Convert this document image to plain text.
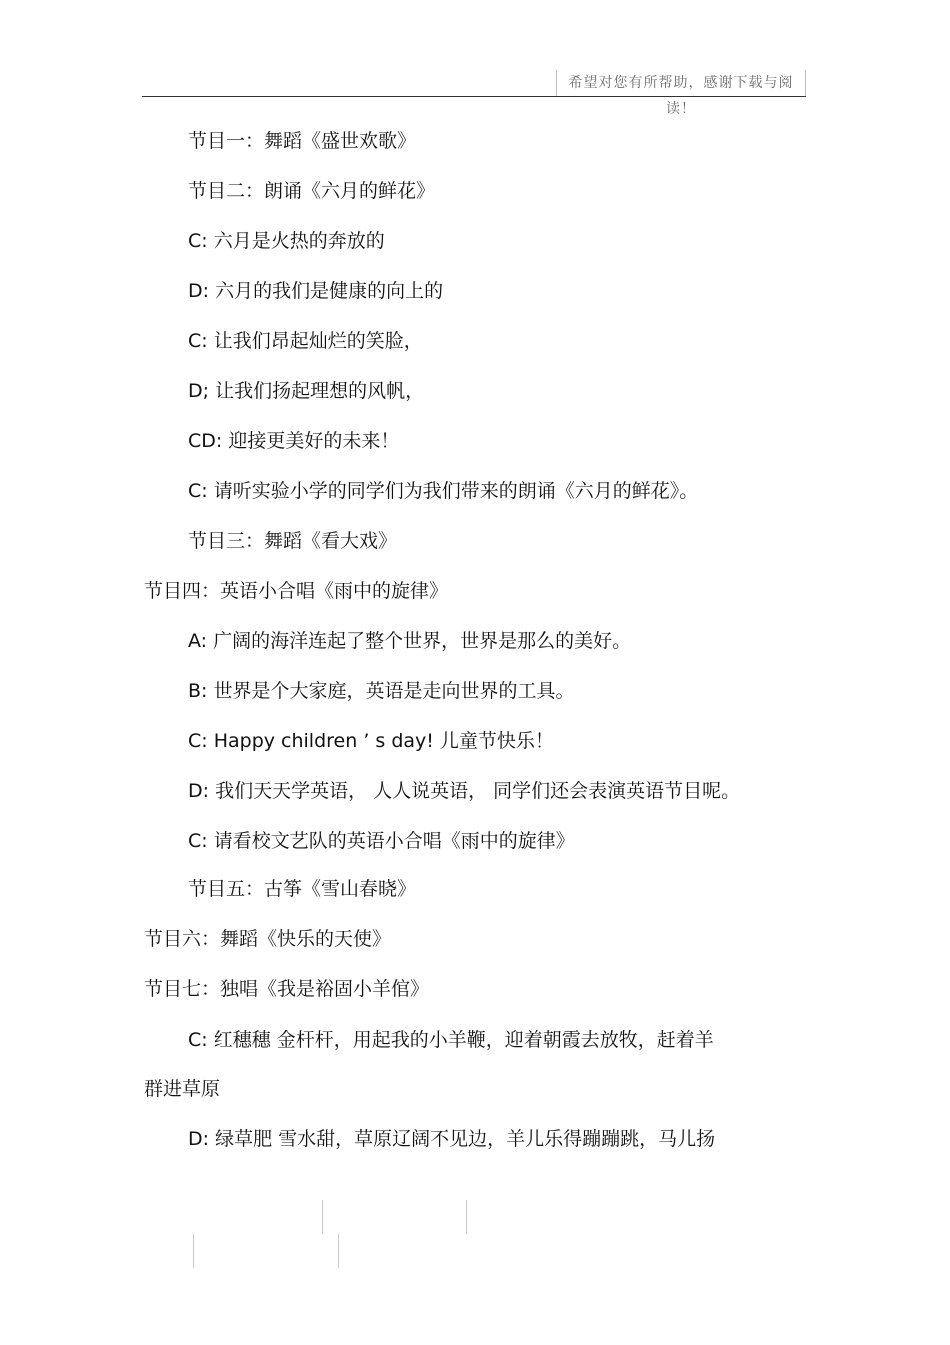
希望对您有所帮助，感谢下载与阅读！
节目一：舞蹈《盛世欢歌》
节目二：朗诵《六月的鲜花》
C: 六月是火热的奔放的
D: 六月的我们是健康的向上的
C: 让我们昂起灿烂的笑脸，
D; 让我们扬起理想的风帆，
CD: 迎接更美好的未来！
C: 请听实验小学的同学们为我们带来的朗诵《六月的鲜花》。
节目三：舞蹈《看大戏》
节目四：英语小合唱《雨中的旋律》
A: 广阔的海洋连起了整个世界，世界是那么的美好。
B: 世界是个大家庭，英语是走向世界的工具。
C: Happy children ’ s day! 儿童节快乐！
D: 我们天天学英语， 人人说英语， 同学们还会表演英语节目呢。
C: 请看校文艺队的英语小合唱《雨中的旋律》
节目五：古筝《雪山春晓》
节目六：舞蹈《快乐的天使》
节目七：独唱《我是裕固小羊倌》
C: 红穗穗 金杆杆，用起我的小羊鞭，迎着朝霞去放牧，赶着羊
群进草原
D: 绿草肥 雪水甜，草原辽阔不见边，羊儿乐得蹦蹦跳，马儿扬
